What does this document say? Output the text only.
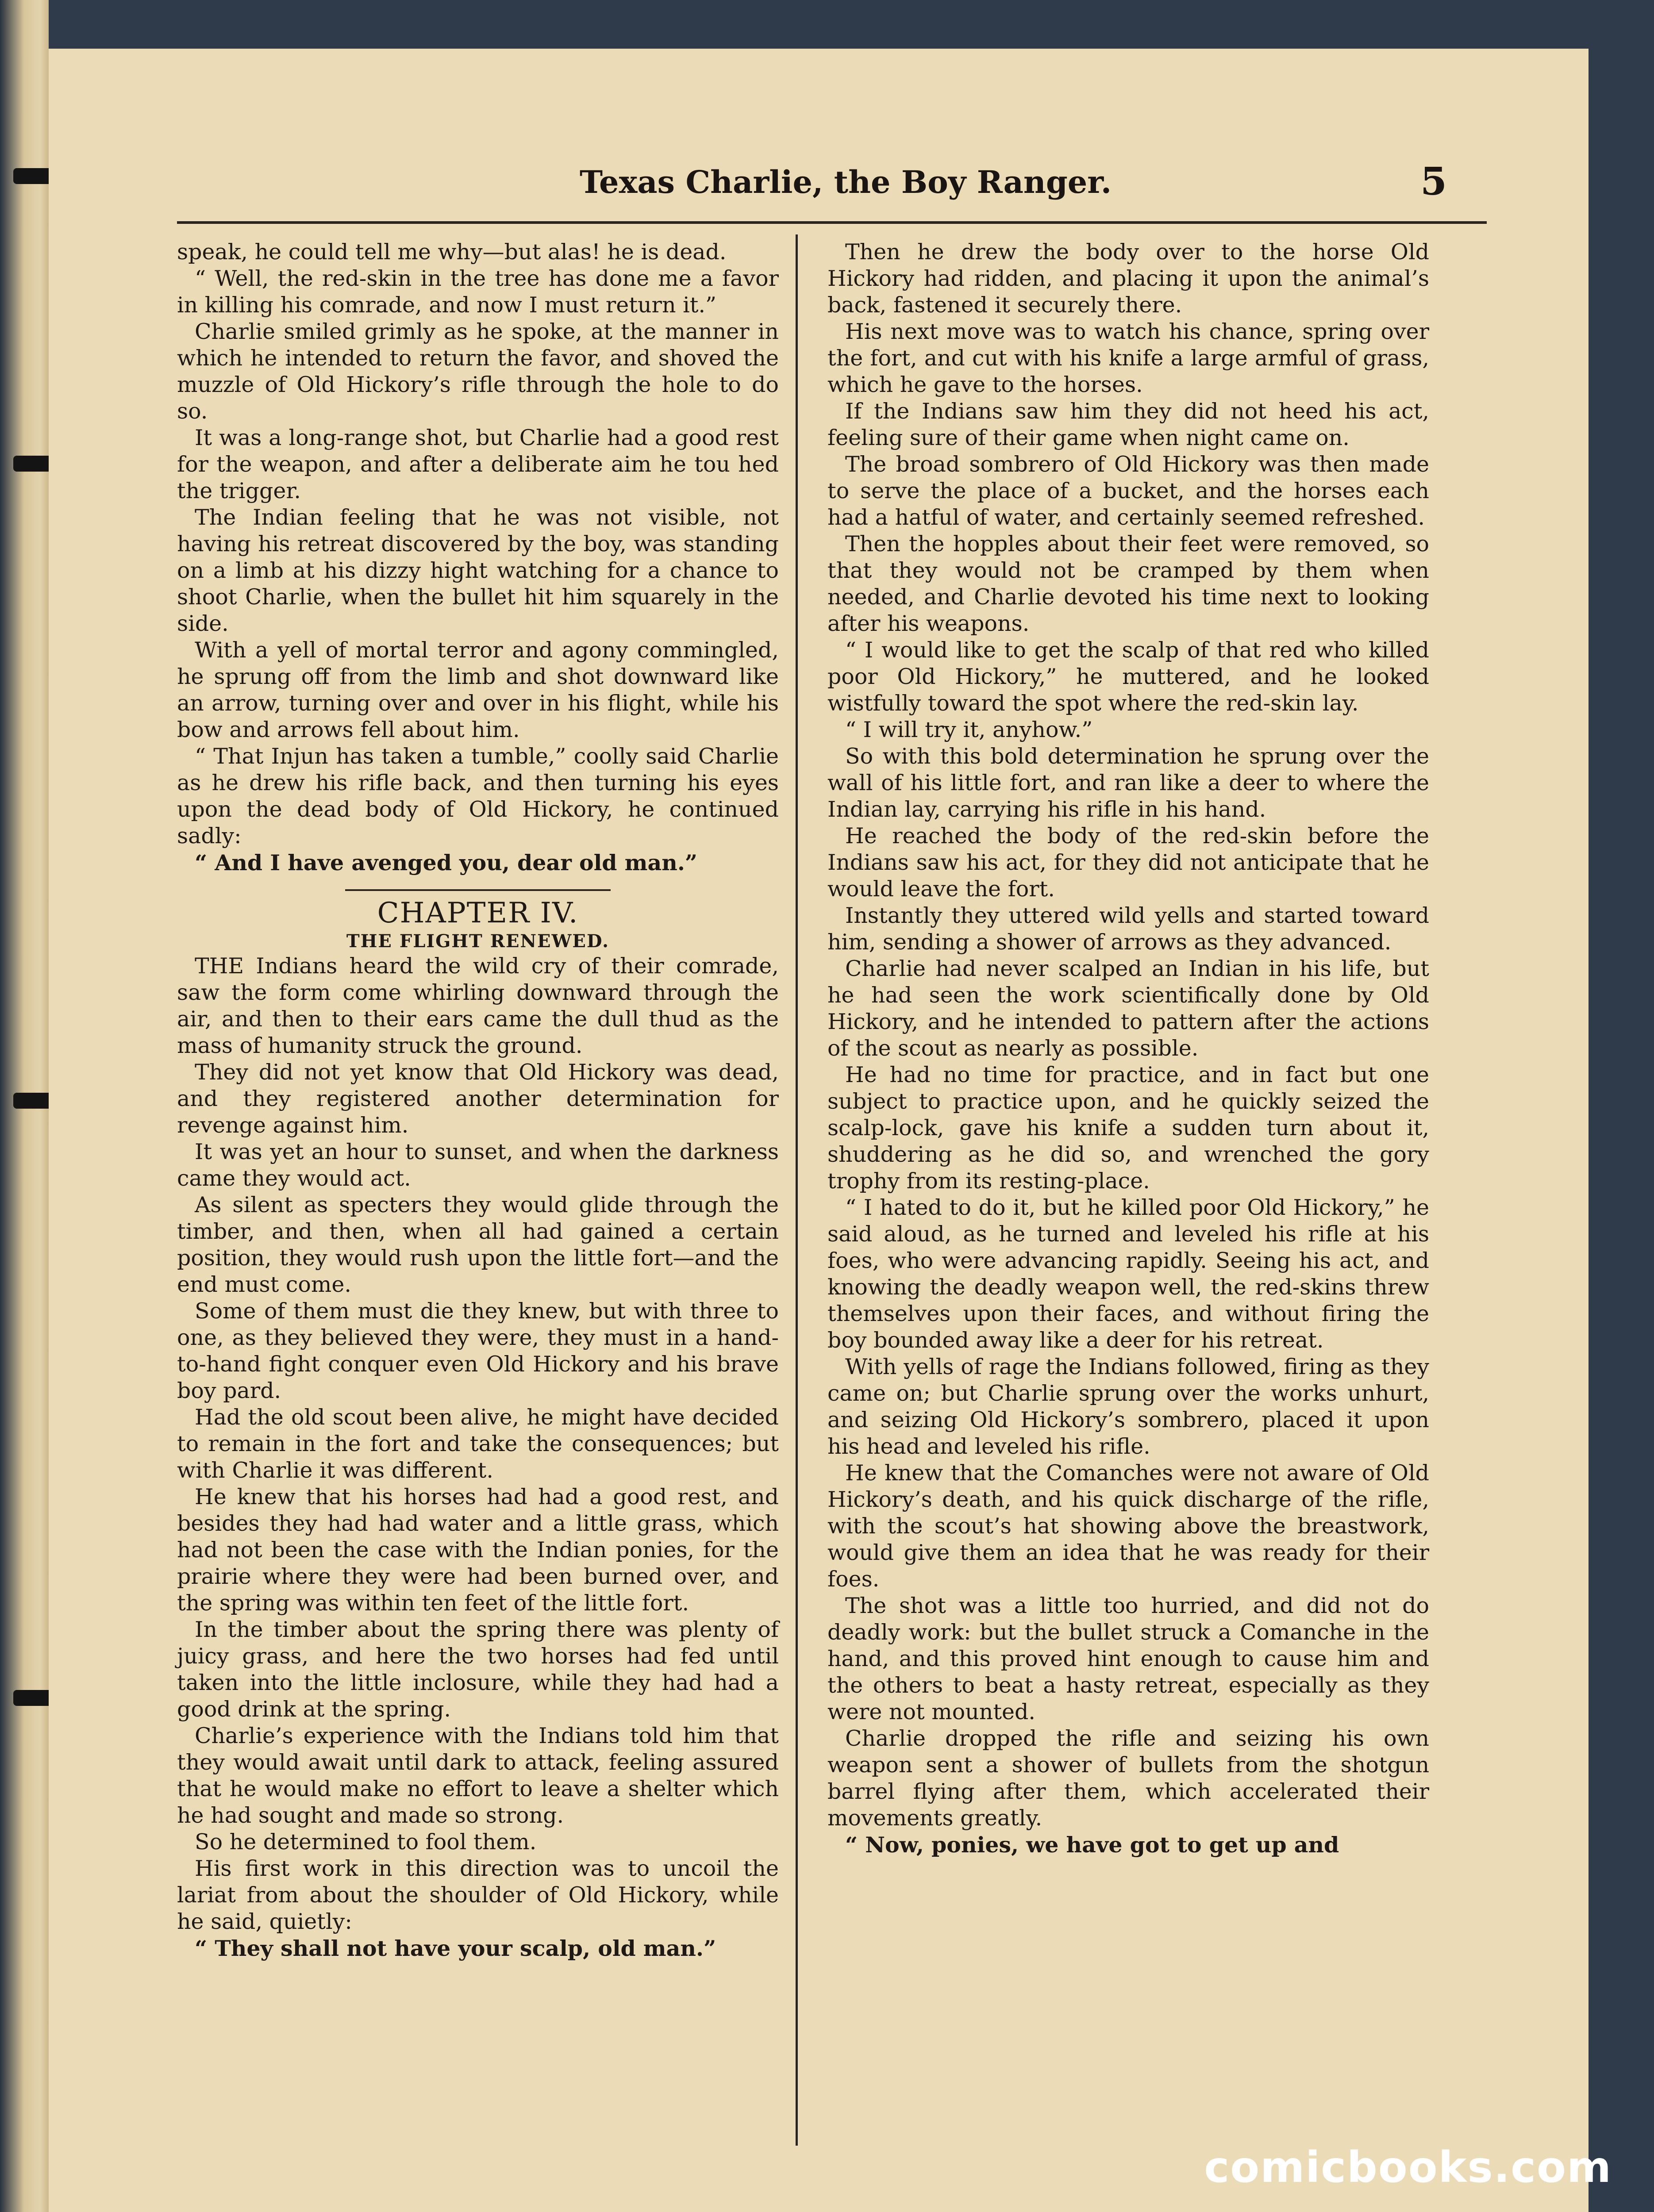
Texas Charlie, the Boy Ranger.	5

speak, he could tell me why—but alas! he is dead.

“ Well, the red-skin in the tree has done me a favor in killing his comrade, and now I must return it.”

Charlie smiled grimly as he spoke, at the manner in which he intended to return the favor, and shoved the muzzle of Old Hickory’s rifle through the hole to do so.

It was a long-range shot, but Charlie had a good rest for the weapon, and after a deliberate aim he tou hed the trigger.

The Indian feeling that he was not visible, not having his retreat discovered by the boy, was standing on a limb at his dizzy hight watching for a chance to shoot Charlie, when the bullet hit him squarely in the side.

With a yell of mortal terror and agony commingled, he sprung off from the limb and shot downward like an arrow, turning over and over in his flight, while his bow and arrows fell about him.

“ That Injun has taken a tumble,” coolly said Charlie as he drew his rifle back, and then turning his eyes upon the dead body of Old Hickory, he continued sadly:

“ And I have avenged you, dear old man.”

CHAPTER IV.
THE FLIGHT RENEWED.

THE Indians heard the wild cry of their comrade, saw the form come whirling downward through the air, and then to their ears came the dull thud as the mass of humanity struck the ground.

They did not yet know that Old Hickory was dead, and they registered another determination for revenge against him.

It was yet an hour to sunset, and when the darkness came they would act.

As silent as specters they would glide through the timber, and then, when all had gained a certain position, they would rush upon the little fort—and the end must come.

Some of them must die they knew, but with three to one, as they believed they were, they must in a hand-to-hand fight conquer even Old Hickory and his brave boy pard.

Had the old scout been alive, he might have decided to remain in the fort and take the consequences; but with Charlie it was different.

He knew that his horses had had a good rest, and besides they had had water and a little grass, which had not been the case with the Indian ponies, for the prairie where they were had been burned over, and the spring was within ten feet of the little fort.

In the timber about the spring there was plenty of juicy grass, and here the two horses had fed until taken into the little inclosure, while they had had a good drink at the spring.

Charlie’s experience with the Indians told him that they would await until dark to attack, feeling assured that he would make no effort to leave a shelter which he had sought and made so strong.

So he determined to fool them.

His first work in this direction was to uncoil the lariat from about the shoulder of Old Hickory, while he said, quietly:

“ They shall not have your scalp, old man.”

Then he drew the body over to the horse Old Hickory had ridden, and placing it upon the animal’s back, fastened it securely there.

His next move was to watch his chance, spring over the fort, and cut with his knife a large armful of grass, which he gave to the horses.

If the Indians saw him they did not heed his act, feeling sure of their game when night came on.

The broad sombrero of Old Hickory was then made to serve the place of a bucket, and the horses each had a hatful of water, and certainly seemed refreshed.

Then the hopples about their feet were removed, so that they would not be cramped by them when needed, and Charlie devoted his time next to looking after his weapons.

“ I would like to get the scalp of that red who killed poor Old Hickory,” he muttered, and he looked wistfully toward the spot where the red-skin lay.

“ I will try it, anyhow.”

So with this bold determination he sprung over the wall of his little fort, and ran like a deer to where the Indian lay, carrying his rifle in his hand.

He reached the body of the red-skin before the Indians saw his act, for they did not anticipate that he would leave the fort.

Instantly they uttered wild yells and started toward him, sending a shower of arrows as they advanced.

Charlie had never scalped an Indian in his life, but he had seen the work scientifically done by Old Hickory, and he intended to pattern after the actions of the scout as nearly as possible.

He had no time for practice, and in fact but one subject to practice upon, and he quickly seized the scalp-lock, gave his knife a sudden turn about it, shuddering as he did so, and wrenched the gory trophy from its resting-place.

“ I hated to do it, but he killed poor Old Hickory,” he said aloud, as he turned and leveled his rifle at his foes, who were advancing rapidly. Seeing his act, and knowing the deadly weapon well, the red-skins threw themselves upon their faces, and without firing the boy bounded away like a deer for his retreat.

With yells of rage the Indians followed, firing as they came on; but Charlie sprung over the works unhurt, and seizing Old Hickory’s sombrero, placed it upon his head and leveled his rifle.

He knew that the Comanches were not aware of Old Hickory’s death, and his quick discharge of the rifle, with the scout’s hat showing above the breastwork, would give them an idea that he was ready for their foes.

The shot was a little too hurried, and did not do deadly work: but the bullet struck a Comanche in the hand, and this proved hint enough to cause him and the others to beat a hasty retreat, especially as they were not mounted.

Charlie dropped the rifle and seizing his own weapon sent a shower of bullets from the shotgun barrel flying after them, which accelerated their movements greatly.

“ Now, ponies, we have got to get up and

comicbooks.com
